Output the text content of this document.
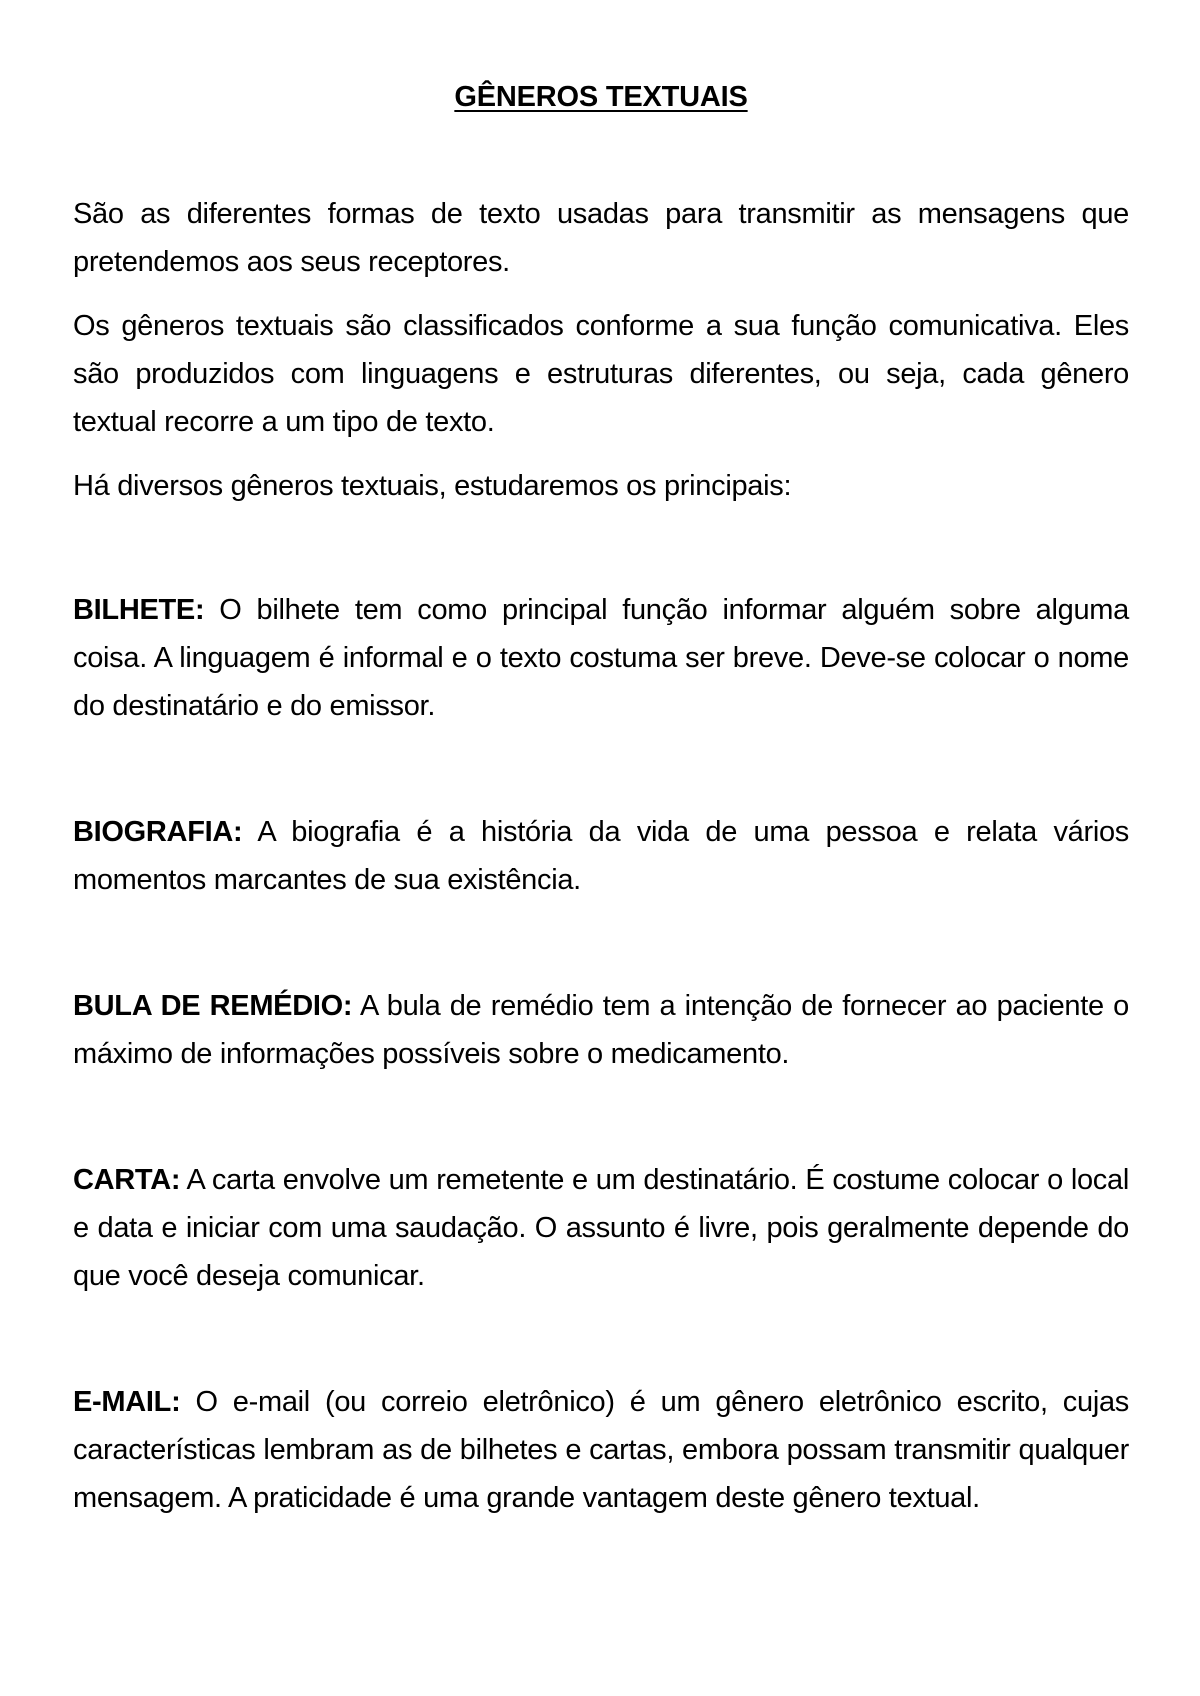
GÊNEROS TEXTUAIS

São as diferentes formas de texto usadas para transmitir as mensagens que pretendemos aos seus receptores.

Os gêneros textuais são classificados conforme a sua função comunicativa. Eles são produzidos com linguagens e estruturas diferentes, ou seja, cada gênero textual recorre a um tipo de texto.

Há diversos gêneros textuais, estudaremos os principais:

BILHETE: O bilhete tem como principal função informar alguém sobre alguma coisa. A linguagem é informal e o texto costuma ser breve. Deve-se colocar o nome do destinatário e do emissor.

BIOGRAFIA: A biografia é a história da vida de uma pessoa e relata vários momentos marcantes de sua existência.

BULA DE REMÉDIO: A bula de remédio tem a intenção de fornecer ao paciente o máximo de informações possíveis sobre o medicamento.

CARTA: A carta envolve um remetente e um destinatário. É costume colocar o local e data e iniciar com uma saudação. O assunto é livre, pois geralmente depende do que você deseja comunicar.

E-MAIL: O e-mail (ou correio eletrônico) é um gênero eletrônico escrito, cujas características lembram as de bilhetes e cartas, embora possam transmitir qualquer mensagem. A praticidade é uma grande vantagem deste gênero textual.
